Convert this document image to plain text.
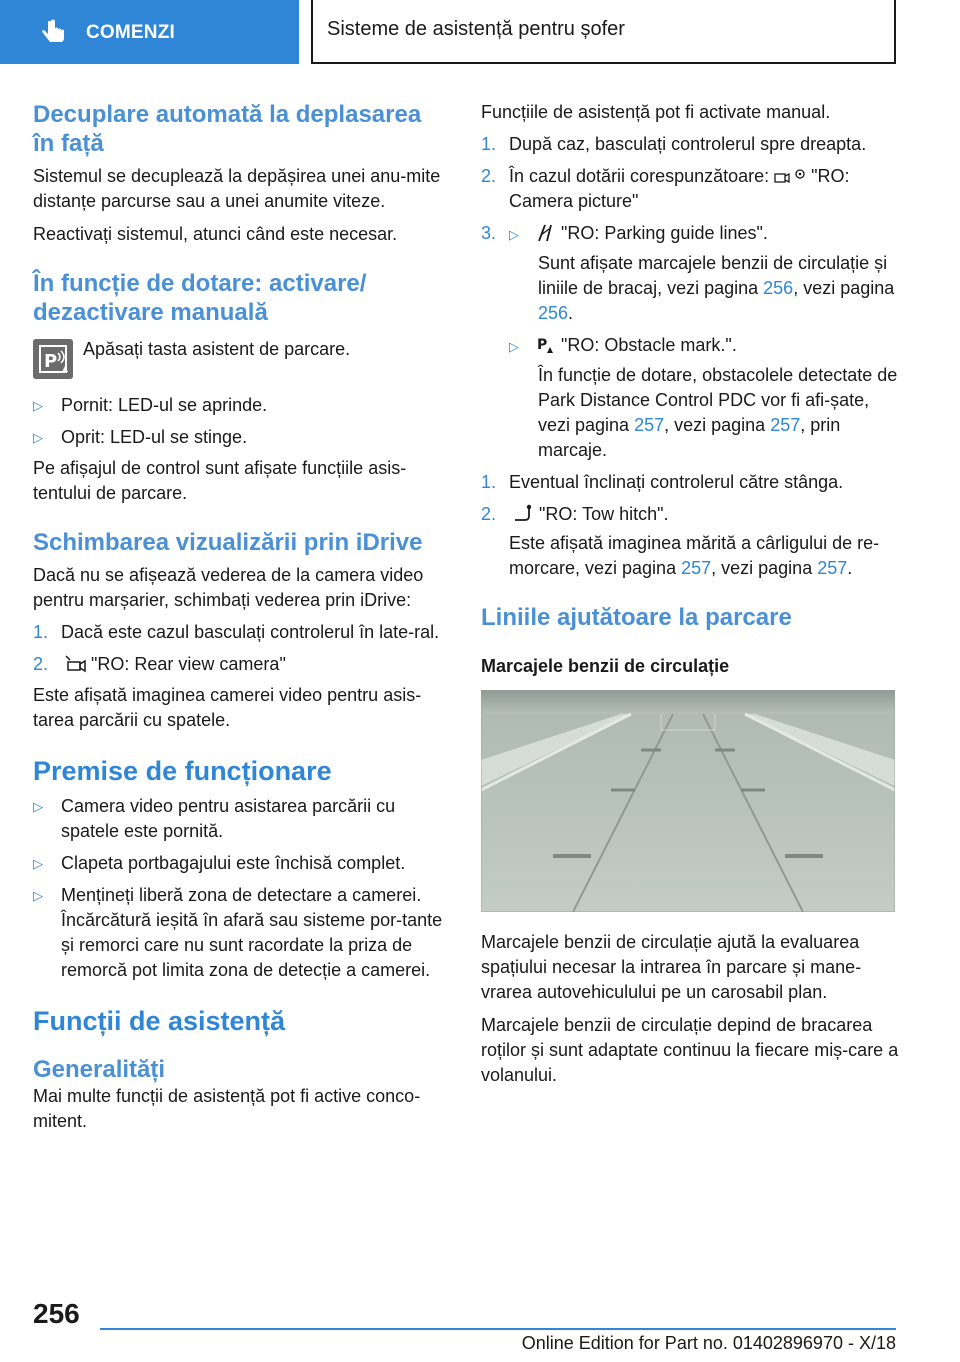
COMENZI	Sisteme de asistență pentru șofer
Decuplare automată la deplasarea în față

Sistemul se decuplează la depășirea unei anu-mite distanțe parcurse sau a unei anumite viteze.

Reactivați sistemul, atunci când este necesar.

În funcție de dotare: activare/ dezactivare manuală
P

Apăsați tasta asistent de parcare.

▷	Pornit: LED-ul se aprinde.
▷	Oprit: LED-ul se stinge.

Pe afișajul de control sunt afișate funcțiile asis-tentului de parcare.

Schimbarea vizualizării prin iDrive

Dacă nu se afișează vederea de la camera video pentru marșarier, schimbați vederea prin iDrive:

1. Dacă este cazul basculați controlerul în late-ral.
2.	"RO: Rear view camera"

Este afișată imaginea camerei video pentru asis-tarea parcării cu spatele.

Premise de funcționare
▷	Camera video pentru asistarea parcării cu spatele este pornită.
▷	Clapeta portbagajului este închisă complet.
▷	Mențineți liberă zona de detectare a camerei. Încărcătură ieșită în afară sau sisteme por-tante și remorci care nu sunt racordate la priza de remorcă pot limita zona de detecție a camerei.
Funcții de asistență
Generalități

Mai multe funcții de asistență pot fi active conco-mitent.

Funcțiile de asistență pot fi activate manual.

1. După caz, basculați controlerul spre dreapta.
2. În cazul dotării corespunzătoare: "RO: Camera picture"
3. ▷ "RO: Parking guide lines".

Sunt afișate marcajele benzii de circulație și liniile de bracaj, vezi pagina 256, vezi pagina 256.

▷ P "RO: Obstacle mark.".

În funcție de dotare, obstacolele detectate de Park Distance Control PDC vor fi afi-șate, vezi pagina 257, vezi pagina 257, prin marcaje.

1. Eventual înclinați controlerul către stânga.
2.	"RO: Tow hitch".

Este afișată imaginea mărită a cârligului de re-morcare, vezi pagina 257, vezi pagina 257.

Liniile ajutătoare la parcare
Marcajele benzii de circulație

Marcajele benzii de circulație ajută la evaluarea spațiului necesar la intrarea în parcare și mane-vrarea autovehiculului pe un carosabil plan.

Marcajele benzii de circulație depind de bracarea roților și sunt adaptate continuu la fiecare miș-care a volanului.

256
Online Edition for Part no. 01402896970 - X/18
